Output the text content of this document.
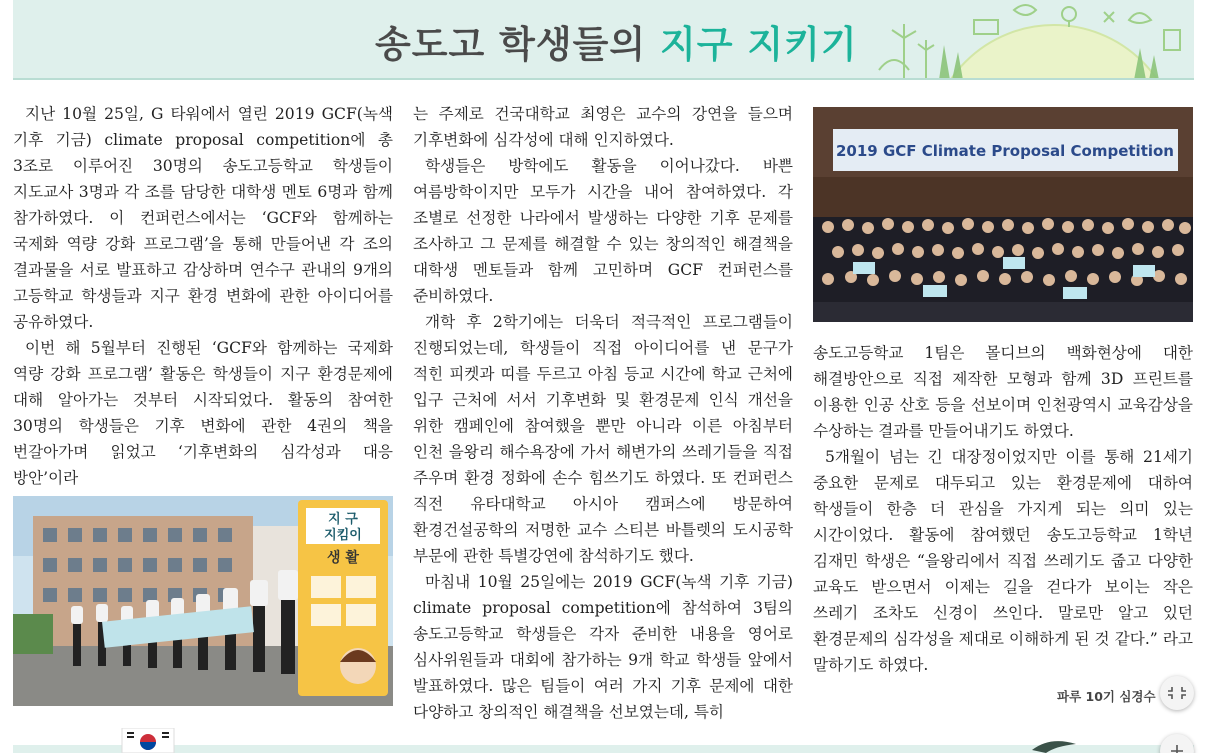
송도고 학생들의 지구 지키기

지난 10월 25일, G 타워에서 열린 2019 GCF(녹색 기후 기금) climate proposal competition에 총 3조로 이루어진 30명의 송도고등학교 학생들이 지도교사 3명과 각 조를 담당한 대학생 멘토 6명과 함께 참가하였다. 이 컨퍼런스에서는 ‘GCF와 함께하는 국제화 역량 강화 프로그램’을 통해 만들어낸 각 조의 결과물을 서로 발표하고 감상하며 연수구 관내의 9개의 고등학교 학생들과 지구 환경 변화에 관한 아이디어를 공유하였다.

이번 해 5월부터 진행된 ‘GCF와 함께하는 국제화 역량 강화 프로그램’ 활동은 학생들이 지구 환경문제에 대해 알아가는 것부터 시작되었다. 활동의 참여한 30명의 학생들은 기후 변화에 관한 4권의 책을 번갈아가며 읽었고 ‘기후변화의 심각성과 대응 방안’이라

지 구
지킴이
생 활

는 주제로 건국대학교 최영은 교수의 강연을 들으며 기후변화에 심각성에 대해 인지하였다.

학생들은 방학에도 활동을 이어나갔다. 바쁜 여름방학이지만 모두가 시간을 내어 참여하였다. 각 조별로 선정한 나라에서 발생하는 다양한 기후 문제를 조사하고 그 문제를 해결할 수 있는 창의적인 해결책을 대학생 멘토들과 함께 고민하며 GCF 컨퍼런스를 준비하였다.

개학 후 2학기에는 더욱더 적극적인 프로그램들이 진행되었는데, 학생들이 직접 아이디어를 낸 문구가 적힌 피켓과 띠를 두르고 아침 등교 시간에 학교 근처에 입구 근처에 서서 기후변화 및 환경문제 인식 개선을 위한 캠페인에 참여했을 뿐만 아니라 이른 아침부터 인천 을왕리 해수욕장에 가서 해변가의 쓰레기들을 직접 주우며 환경 정화에 손수 힘쓰기도 하였다. 또 컨퍼런스 직전 유타대학교 아시아 캠퍼스에 방문하여 환경건설공학의 저명한 교수 스티븐 바틀렛의 도시공학 부문에 관한 특별강연에 참석하기도 했다.

마침내 10월 25일에는 2019 GCF(녹색 기후 기금) climate proposal competition에 참석하여 3팀의 송도고등학교 학생들은 각자 준비한 내용을 영어로 심사위원들과 대회에 참가하는 9개 학교 학생들 앞에서 발표하였다. 많은 팀들이 여러 가지 기후 문제에 대한 다양하고 창의적인 해결책을 선보였는데, 특히

2019 GCF Climate Proposal Competition

송도고등학교 1팀은 몰디브의 백화현상에 대한 해결방안으로 직접 제작한 모형과 함께 3D 프린트를 이용한 인공 산호 등을 선보이며 인천광역시 교육감상을 수상하는 결과를 만들어내기도 하였다.

5개월이 넘는 긴 대장정이었지만 이를 통해 21세기 중요한 문제로 대두되고 있는 환경문제에 대하여 학생들이 한층 더 관심을 가지게 되는 의미 있는 시간이었다. 활동에 참여했던 송도고등학교 1학년 김재민 학생은 “을왕리에서 직접 쓰레기도 줍고 다양한 교육도 받으면서 이제는 길을 걷다가 보이는 작은 쓰레기 조차도 신경이 쓰인다. 말로만 알고 있던 환경문제의 심각성을 제대로 이해하게 된 것 같다.” 라고 말하기도 하였다.

파루 10기 심경수
